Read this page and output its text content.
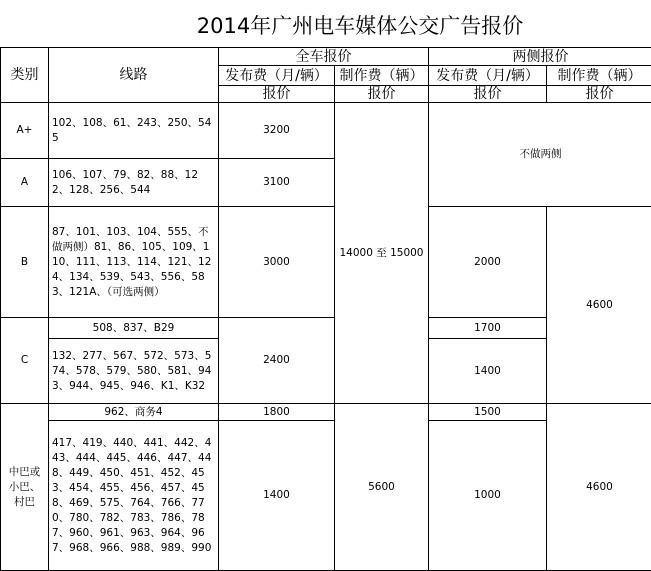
2014年广州电车媒体公交广告报价
类别	线路	全车报价		两侧报价	
		发布费（月/辆）	制作费（辆）	发布费（月/辆）	制作费（辆）
		报价	报价	报价	报价
A+	102、108、61、243、250、545	3200	14000 至 15000	不做两侧	
A	106、107、79、82、88、122、128、256、544	3100			
B	87、101、103、104、555、不做两侧）81、86、105、109、110、111、113、114、121、124、134、539、543、556、583、121A、（可选两侧）	3000		2000	4600
C	508、837、B29	2400		1700	
	132、277、567、572、573、574、578、579、580、581、943、944、945、946、K1、K32			1400	
中巴或小巴、村巴	962、商务4	1800	5600	1500	4600
	417、419、440、441、442、443、444、445、446、447、448、449、450、451、452、453、454、455、456、457、458、469、575、764、766、770、780、782、783、786、787、960、961、963、964、967、968、966、988、989、990	1400		1000	
